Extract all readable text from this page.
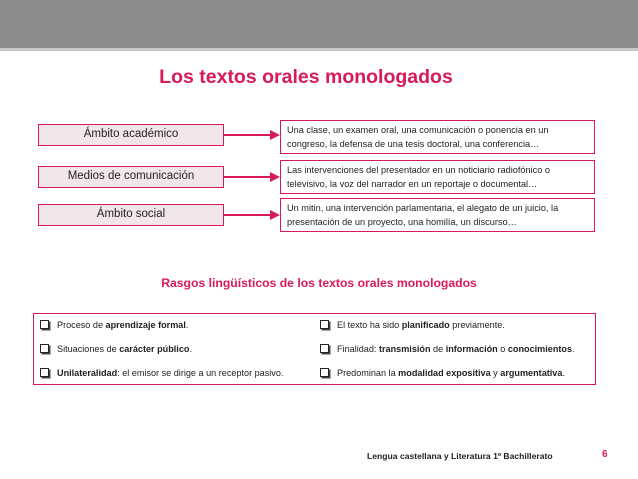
Los textos orales monologados
Ámbito académico	Una clase, un examen oral, una comunicación o ponencia en un
congreso, la defensa de una tesis doctoral, una conferencia…
Medios de comunicación	Las intervenciones del presentador en un noticiario radiofónico o
televisivo, la voz del narrador en un reportaje o documental…
Ámbito social	Un mitin, una intervención parlamentaria, el alegato de un juicio, la
presentación de un proyecto, una homilía, un discurso…
Rasgos lingüísticos de los textos orales monologados
Proceso de aprendizaje formal.
Situaciones de carácter público.
Unilateralidad: el emisor se dirige a un receptor pasivo.
El texto ha sido planificado previamente.
Finalidad: transmisión de información o conocimientos.
Predominan la modalidad expositiva y argumentativa.
Lengua castellana y Literatura 1º Bachillerato	6
